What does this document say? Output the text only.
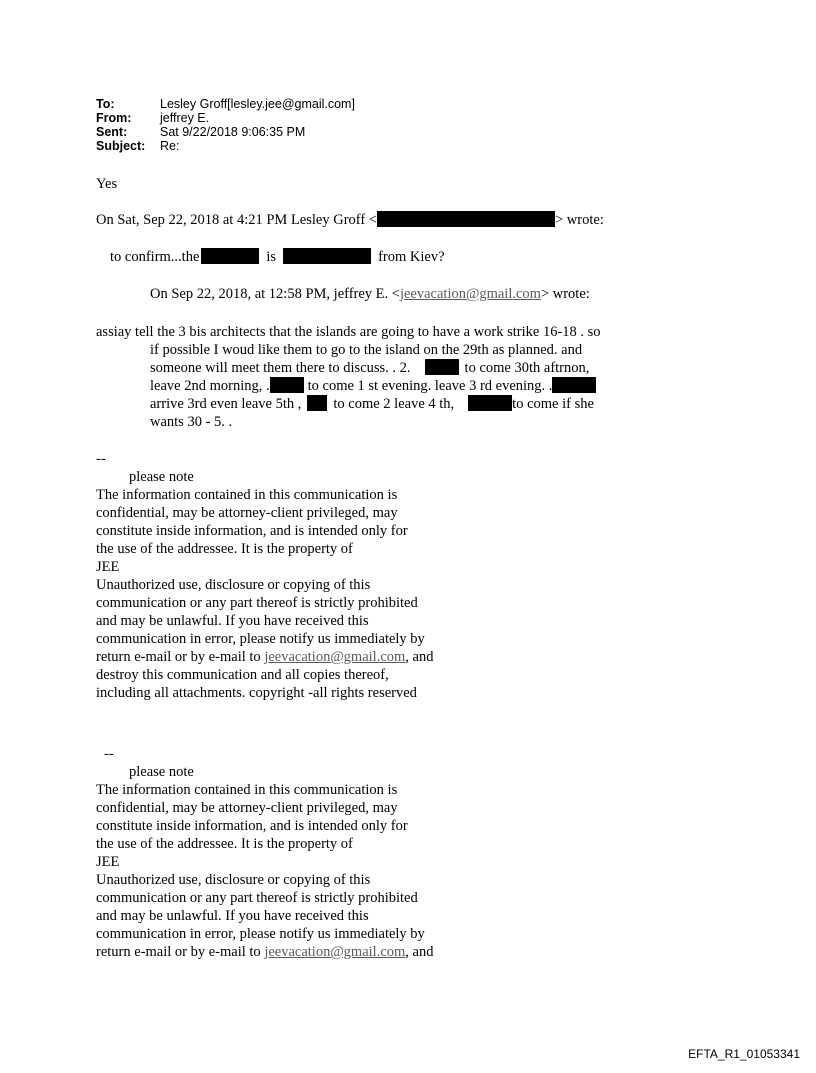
To:	Lesley Groff[lesley.jee@gmail.com]
From:	jeffrey E.
Sent:	Sat 9/22/2018 9:06:35 PM
Subject:	Re:
Yes
On Sat, Sep 22, 2018 at 4:21 PM Lesley Groff <	> wrote:
to confirm...the	is	from Kiev?
On Sep 22, 2018, at 12:58 PM, jeffrey E. <jeevacation@gmail.com> wrote:
assiay tell the 3 bis architects that the islands are going to have a work strike 16-18 . so
if possible I woud like them to go to the island on the 29th as planned. and
someone will meet them there to discuss. . 2.	to come 30th aftrnon,
leave 2nd morning, .	to come 1 st evening. leave 3 rd evening. .
arrive 3rd even leave 5th , to come 2 leave 4 th,	to come if she
wants 30 - 5. .
--
please note
The information contained in this communication is
confidential, may be attorney-client privileged, may
constitute inside information, and is intended only for
the use of the addressee. It is the property of
JEE
Unauthorized use, disclosure or copying of this
communication or any part thereof is strictly prohibited
and may be unlawful. If you have received this
communication in error, please notify us immediately by
return e-mail or by e-mail to jeevacation@gmail.com, and
destroy this communication and all copies thereof,
including all attachments. copyright -all rights reserved
--
please note
The information contained in this communication is
confidential, may be attorney-client privileged, may
constitute inside information, and is intended only for
the use of the addressee. It is the property of
JEE
Unauthorized use, disclosure or copying of this
communication or any part thereof is strictly prohibited
and may be unlawful. If you have received this
communication in error, please notify us immediately by
return e-mail or by e-mail to jeevacation@gmail.com, and
EFTA_R1_01053341
